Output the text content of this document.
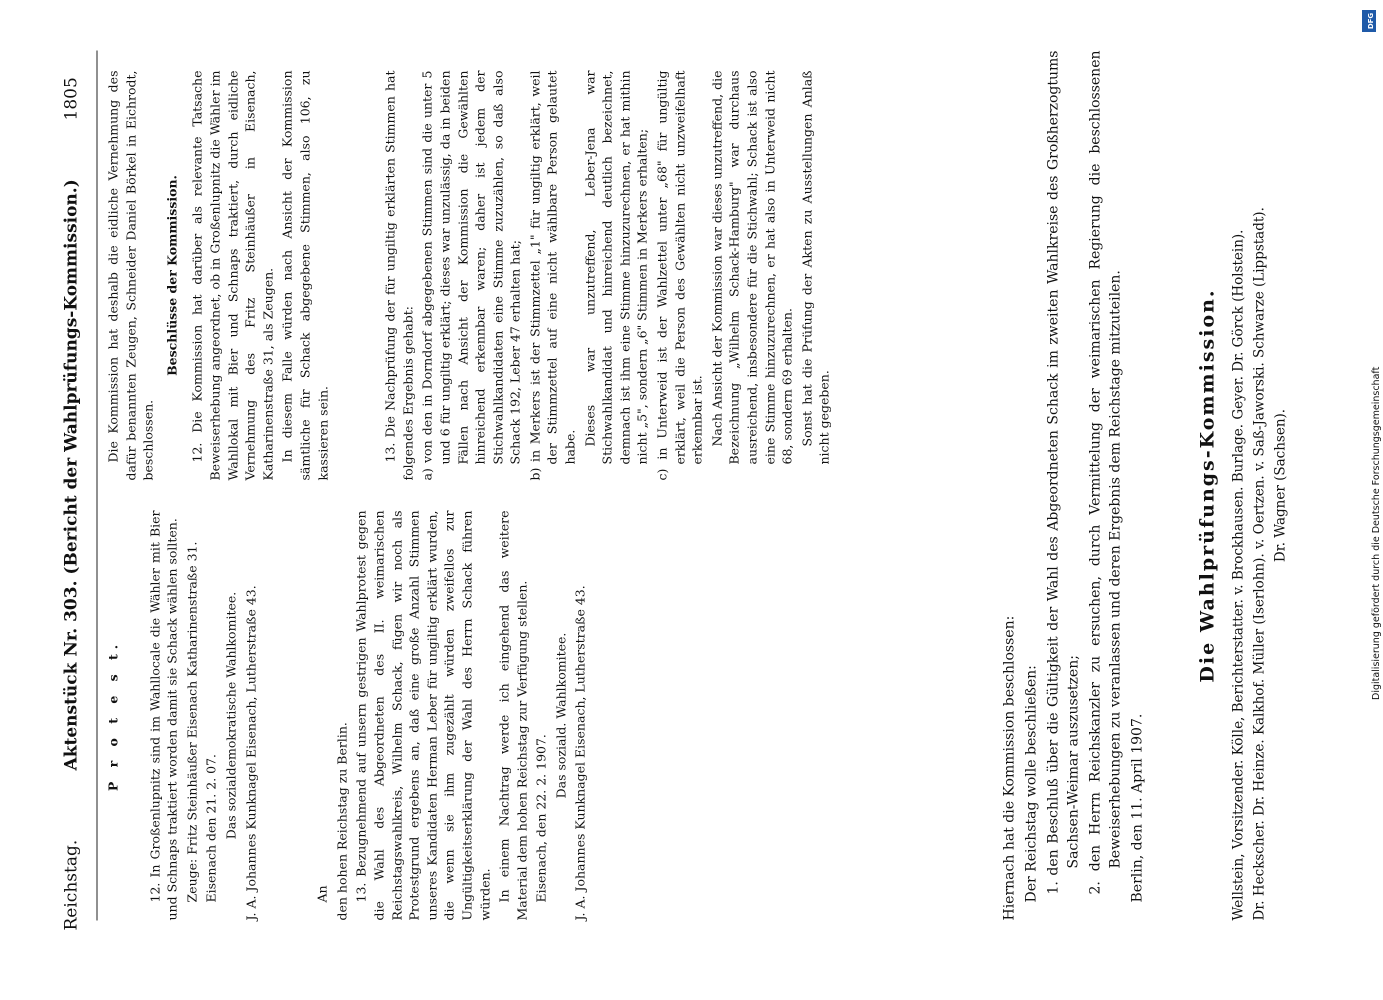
Reichstag.
Aktenstück Nr. 303. (Bericht der Wahlprüfungs-Kommission.)
1805

P r o t e s t. 12. In Großenlupnitz sind im Wahllocale die Wähler mit Bier und Schnaps traktiert worden damit sie Schack wählen sollten. Zeuge: Fritz Steinhäußer Eisenach Katharinenstraße 31. Eisenach den 21. 2. 07. Das sozialdemokratische Wahlkomitee. J. A. Johannes Kunknagel Eisenach, Lutherstraße 43.	An den hohen Reichstag zu Berlin. 13. Bezugnehmend auf unsern gestrigen Wahlprotest gegen die Wahl des Abgeordneten des II. weimarischen Reichstagswahlkreis, Wilhelm Schack, fügen wir noch als Protestgrund ergebens an, daß eine große Anzahl Stimmen unseres Kandidaten Herman Leber für ungiltig erklärt wurden, die wenn sie ihm zugezählt würden zweifellos zur Ungültigkeitserklärung der Wahl des Herrn Schack führen würden. In einem Nachtrag werde ich eingehend das weitere Material dem hohen Reichstag zur Verfügung stellen. Eisenach, den 22. 2. 1907.

Das soziald. Wahlkomitee. J. A. Johannes Kunknagel Eisenach, Lutherstraße 43.

Die Kommission hat deshalb die eidliche Vernehmung des dafür benannten Zeugen, Schneider Daniel Börkel in Eichrodt, beschlossen.

Beschlüsse der Kommission. 12. Die Kommission hat darüber als relevante Tatsache Beweiserhebung angeordnet, ob in Großenlupnitz die Wähler im Wahllokal mit Bier und Schnaps traktiert, durch eidliche Vernehmung des Fritz Steinhäußer in Eisenach, Katharinenstraße 31, als Zeugen. In diesem Falle würden nach Ansicht der Kommission sämtliche für Schack abgegebene Stimmen, also 106, zu kassieren sein.	13. Die Nachprüfung der für ungiltig erklärten Stimmen hat folgendes Ergebnis gehabt: a) von den in Dorndorf abgegebenen Stimmen sind die unter 5 und 6 für ungiltig erklärt; dieses war unzulässig, da in beiden Fällen nach Ansicht der Kommission die Gewählten hinreichend erkennbar waren; daher ist jedem der Stichwahlkandidaten eine Stimme zuzuzählen, so daß also Schack 192, Leber 47 erhalten hat; b) in Merkers ist der Stimmzettel „1" für ungiltig erklärt, weil der Stimmzettel auf eine nicht wählbare Person gelautet habe.

Dieses war unzutreffend, Leber-Jena war Stichwahlkandidat und hinreichend deutlich bezeichnet, demnach ist ihm eine Stimme hinzuzurechnen, er hat mithin nicht „5", sondern „6" Stimmen in Merkers erhalten; c) in Unterweid ist der Wahlzettel unter „68" für ungültig erklärt, weil die Person des Gewählten nicht unzweifelhaft erkennbar ist. Nach Ansicht der Kommission war dieses unzutreffend, die Bezeichnung „Wilhelm Schack-Hamburg" war durchaus ausreichend, insbesondere für die Stichwahl; Schack ist also eine Stimme hinzuzurechnen, er hat also in Unterweid nicht 68, sondern 69 erhalten. Sonst hat die Prüfung der Akten zu Ausstellungen Anlaß nicht gegeben.

Hiernach hat die Kommission beschlossen: Der Reichstag wolle beschließen: 1. den Beschluß über die Gültigkeit der Wahl des Abgeordneten Schack im zweiten Wahlkreise des Großherzogtums Sachsen-Weimar auszusetzen; 2. den Herrn Reichskanzler zu ersuchen, durch Vermittelung der weimarischen Regierung die beschlossenen Beweiserhebungen zu veranlassen und deren Ergebnis dem Reichstage mitzuteilen. Berlin, den 11. April 1907.

Die Wahlprüfungs-Kommission. Wellstein, Vorsitzender. Kölle, Berichterstatter. v. Brockhausen. Burlage. Geyer. Dr. Görck (Holstein). Dr. Heckscher. Dr. Heinze. Kalkhof. Müller (Iserlohn). v. Oertzen. v. Saß-Jaworski. Schwarze (Lippstadt). Dr. Wagner (Sachsen).

DFG
Digitalisierung gefördert durch die Deutsche Forschungsgemeinschaft
